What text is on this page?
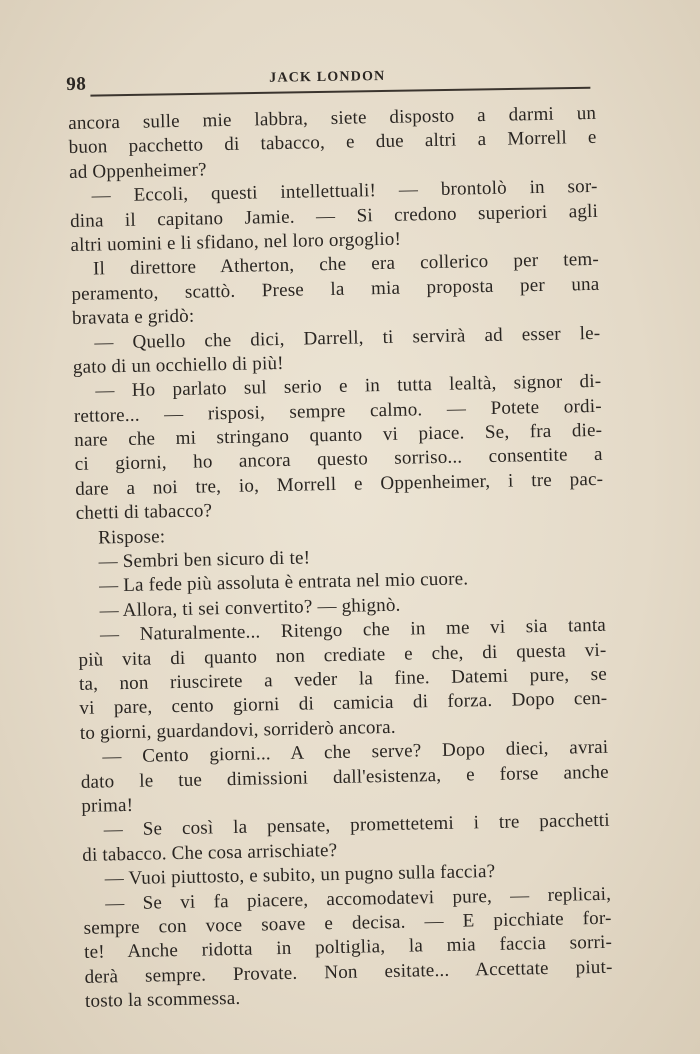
98	JACK LONDON
ancora sulle mie labbra, siete disposto a darmi un
buon pacchetto di tabacco, e due altri a Morrell e
ad Oppenheimer?
— Eccoli, questi intellettuali! — brontolò in sor-
dina il capitano Jamie. — Si credono superiori agli
altri uomini e li sfidano, nel loro orgoglio!
Il direttore Atherton, che era collerico per tem-
peramento, scattò. Prese la mia proposta per una
bravata e gridò:
— Quello che dici, Darrell, ti servirà ad esser le-
gato di un occhiello di più!
— Ho parlato sul serio e in tutta lealtà, signor di-
rettore... — risposi, sempre calmo. — Potete ordi-
nare che mi stringano quanto vi piace. Se, fra die-
ci giorni, ho ancora questo sorriso... consentite a
dare a noi tre, io, Morrell e Oppenheimer, i tre pac-
chetti di tabacco?
Rispose:
— Sembri ben sicuro di te!
— La fede più assoluta è entrata nel mio cuore.
— Allora, ti sei convertito? — ghignò.
— Naturalmente... Ritengo che in me vi sia tanta
più vita di quanto non crediate e che, di questa vi-
ta, non riuscirete a veder la fine. Datemi pure, se
vi pare, cento giorni di camicia di forza. Dopo cen-
to giorni, guardandovi, sorriderò ancora.
— Cento giorni... A che serve? Dopo dieci, avrai
dato le tue dimissioni dall'esistenza, e forse anche
prima!
— Se così la pensate, promettetemi i tre pacchetti
di tabacco. Che cosa arrischiate?
— Vuoi piuttosto, e subito, un pugno sulla faccia?
— Se vi fa piacere, accomodatevi pure, — replicai,
sempre con voce soave e decisa. — E picchiate for-
te! Anche ridotta in poltiglia, la mia faccia sorri-
derà sempre. Provate. Non esitate... Accettate piut-
tosto la scommessa.
